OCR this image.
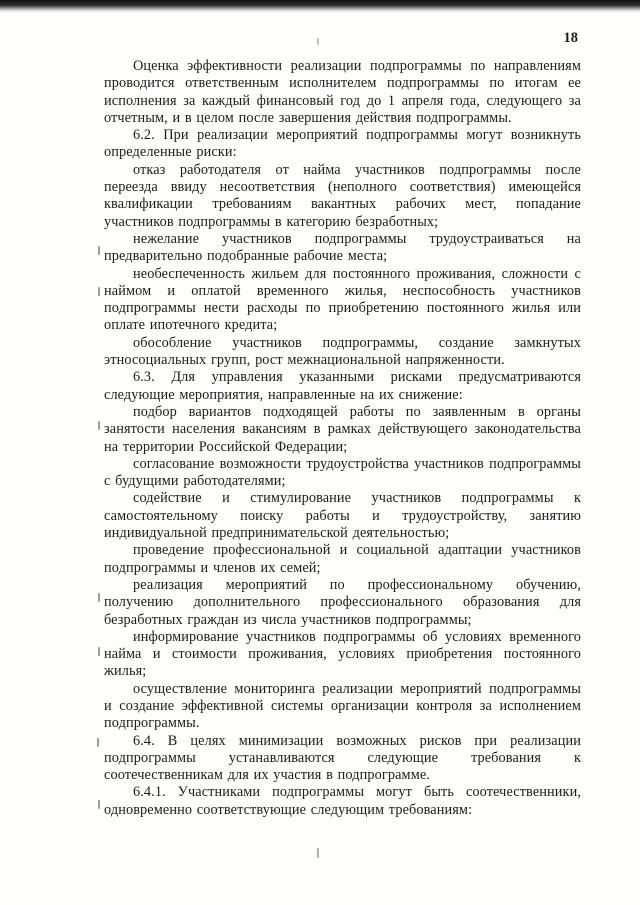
18

Оценка эффективности реализации подпрограммы по направлениям проводится ответственным исполнителем подпрограммы по итогам ее исполнения за каждый финансовый год до 1 апреля года, следующего за отчетным, и в целом после завершения действия подпрограммы.

6.2. При реализации мероприятий подпрограммы могут возникнуть определенные риски:

отказ работодателя от найма участников подпрограммы после переезда ввиду несоответствия (неполного соответствия) имеющейся квалификации требованиям вакантных рабочих мест, попадание участников подпрограммы в категорию безработных;

нежелание участников подпрограммы трудоустраиваться на предварительно подобранные рабочие места;

необеспеченность жильем для постоянного проживания, сложности с наймом и оплатой временного жилья, неспособность участников подпрограммы нести расходы по приобретению постоянного жилья или оплате ипотечного кредита;

обособление участников подпрограммы, создание замкнутых этносоциальных групп, рост межнациональной напряженности.

6.3. Для управления указанными рисками предусматриваются следующие мероприятия, направленные на их снижение:

подбор вариантов подходящей работы по заявленным в органы занятости населения вакансиям в рамках действующего законодательства на территории Российской Федерации;

согласование возможности трудоустройства участников подпрограммы с будущими работодателями;

содействие и стимулирование участников подпрограммы к самостоятельному поиску работы и трудоустройству, занятию индивидуальной предпринимательской деятельностью;

проведение профессиональной и социальной адаптации участников подпрограммы и членов их семей;

реализация мероприятий по профессиональному обучению, получению дополнительного профессионального образования для безработных граждан из числа участников подпрограммы;

информирование участников подпрограммы об условиях временного найма и стоимости проживания, условиях приобретения постоянного жилья;

осуществление мониторинга реализации мероприятий подпрограммы и создание эффективной системы организации контроля за исполнением подпрограммы.

6.4. В целях минимизации возможных рисков при реализации подпрограммы устанавливаются следующие требования к соотечественникам для их участия в подпрограмме.

6.4.1. Участниками подпрограммы могут быть соотечественники, одновременно соответствующие следующим требованиям:
